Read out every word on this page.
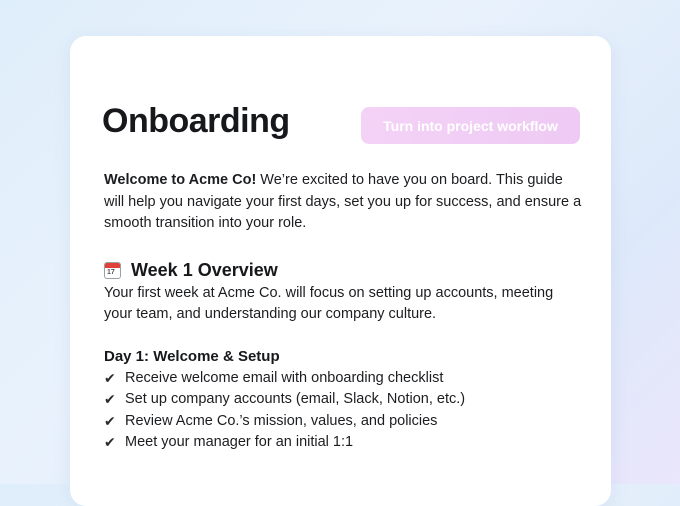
Onboarding	Turn into project workflow

Welcome to Acme Co! We’re excited to have you on board. This guide will help you navigate your first days, set you up for success, and ensure a smooth transition into your role.

17 Week 1 Overview

Your first week at Acme Co. will focus on setting up accounts, meeting your team, and understanding our company culture.

Day 1: Welcome & Setup
✔ Receive welcome email with onboarding checklist
✔ Set up company accounts (email, Slack, Notion, etc.)
✔ Review Acme Co.’s mission, values, and policies
✔ Meet your manager for an initial 1:1
